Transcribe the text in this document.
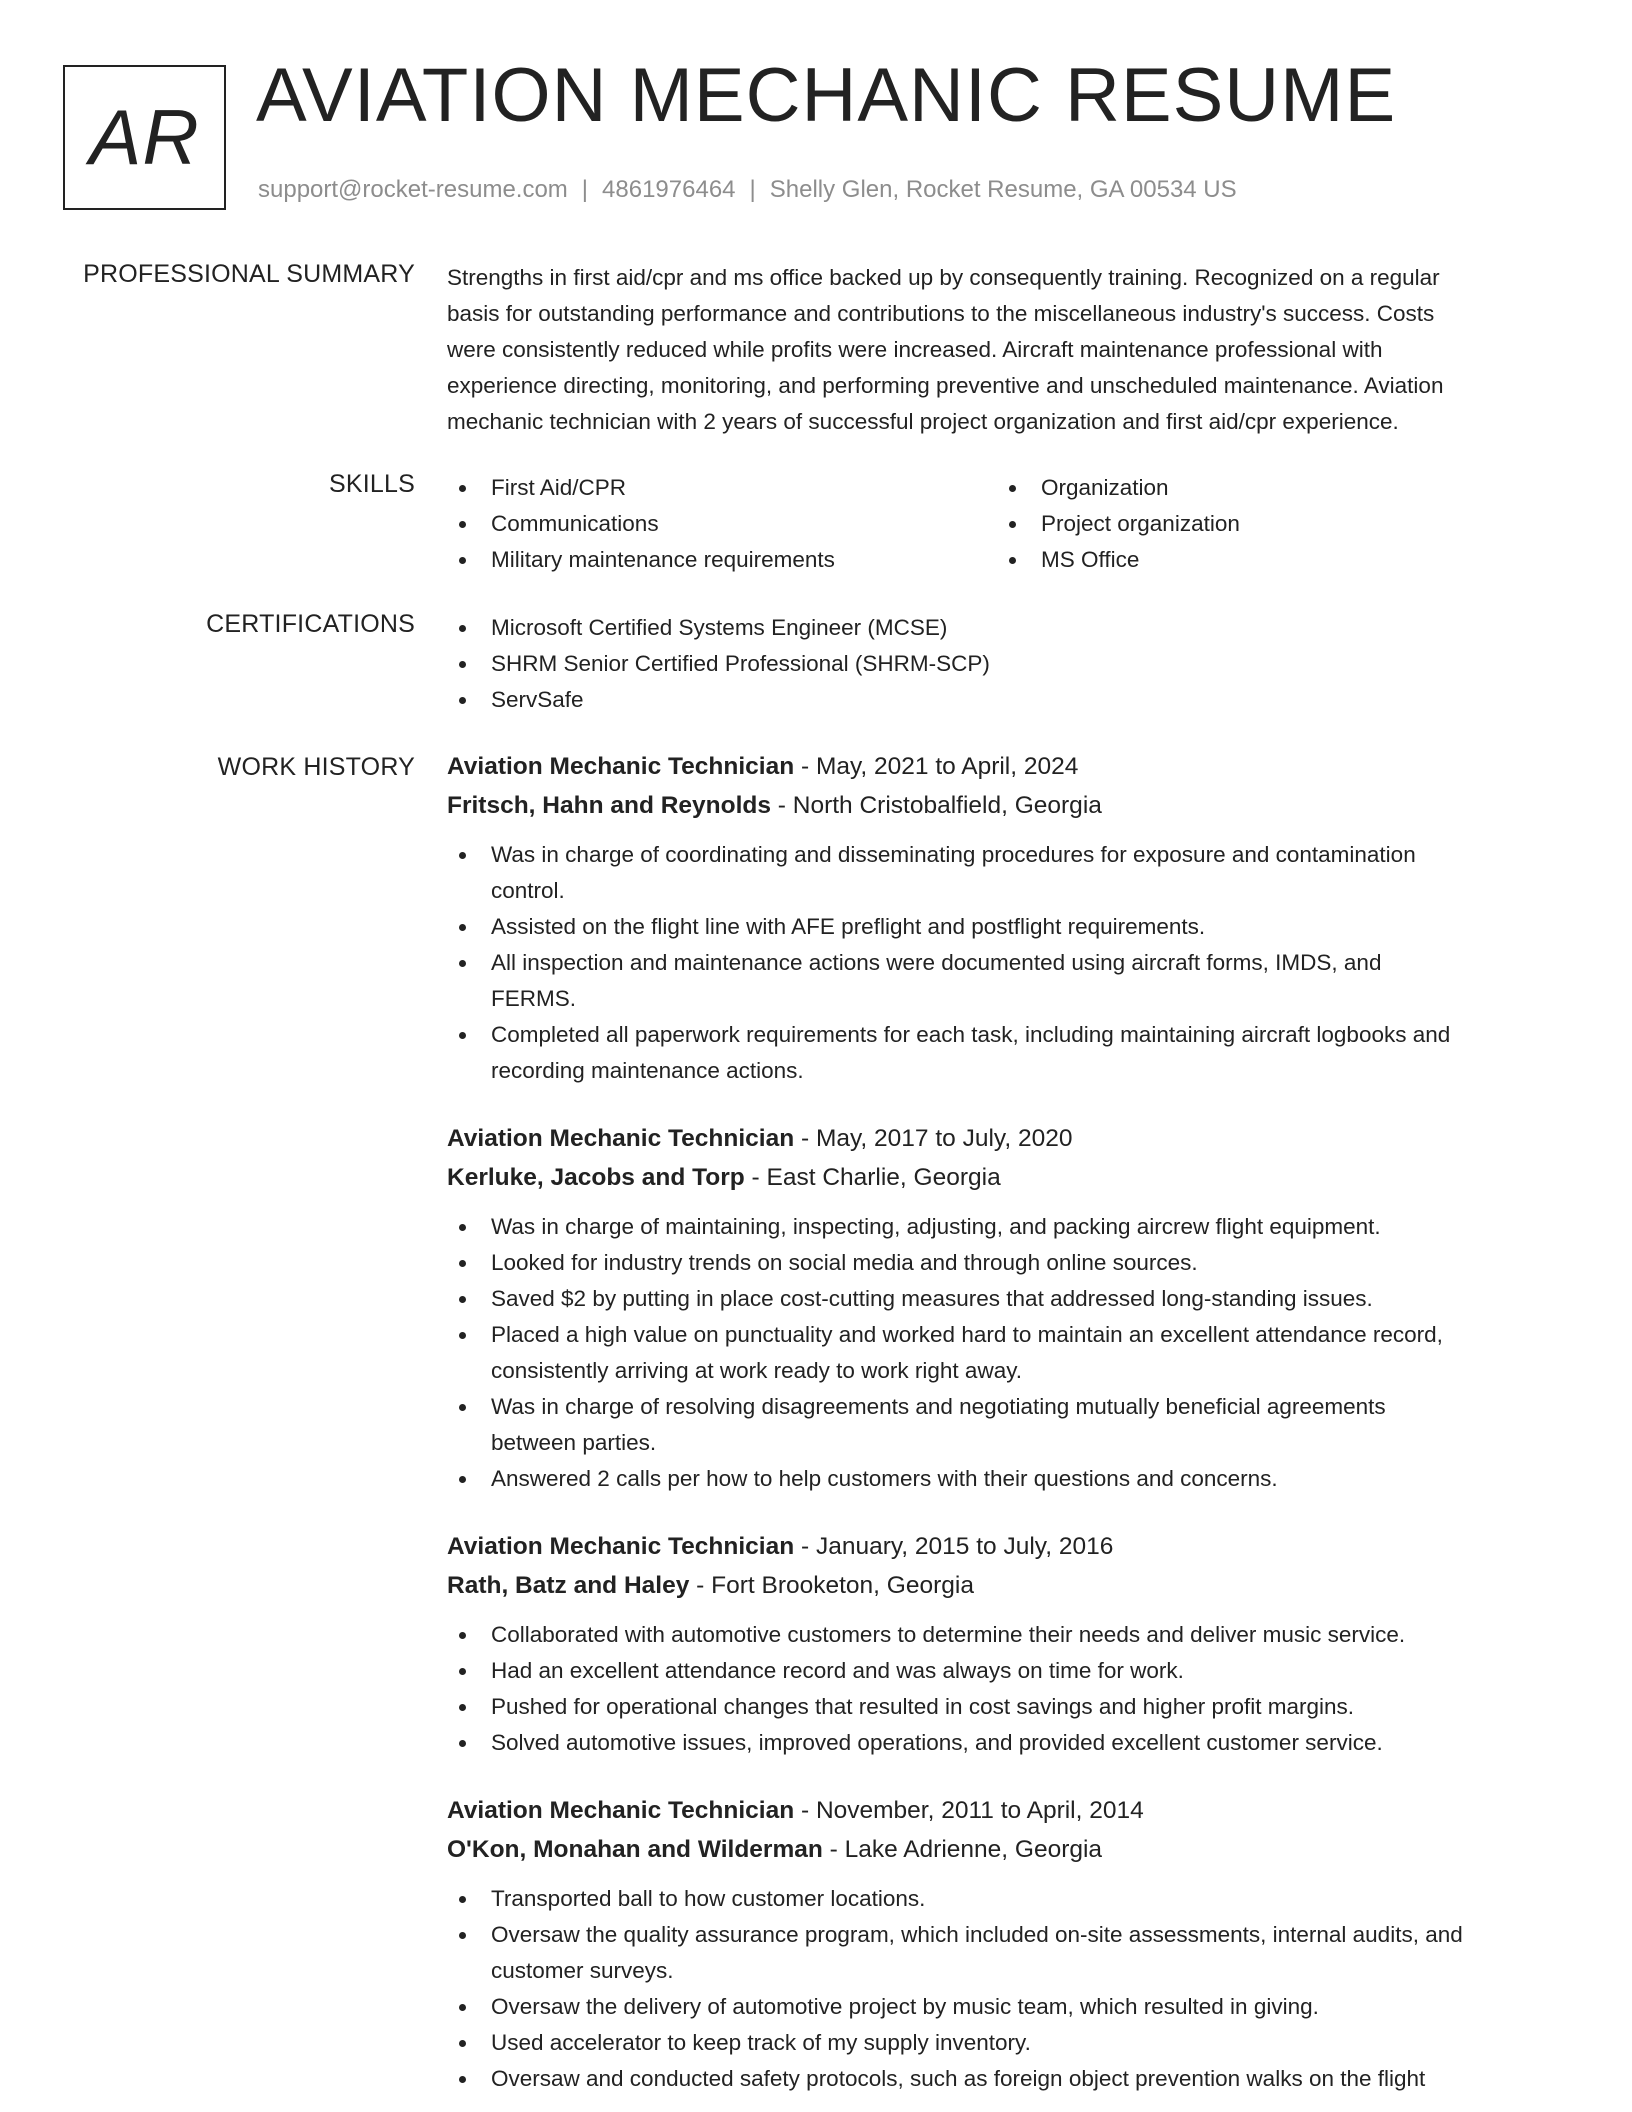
AR AVIATION MECHANIC RESUME
support@rocket-resume.com | 4861976464 | Shelly Glen, Rocket Resume, GA 00534 US
PROFESSIONAL SUMMARY Strengths in first aid/cpr and ms office backed up by consequently training. Recognized on a regular
basis for outstanding performance and contributions to the miscellaneous industry's success. Costs
were consistently reduced while profits were increased. Aircraft maintenance professional with
experience directing, monitoring, and performing preventive and unscheduled maintenance. Aviation
mechanic technician with 2 years of successful project organization and first aid/cpr experience.
SKILLS	First Aid/CPR
Communications
Military maintenance requirements
Organization
Project organization
MS Office
CERTIFICATIONS	Microsoft Certified Systems Engineer (MCSE)
SHRM Senior Certified Professional (SHRM-SCP)
ServSafe
WORK HISTORY Aviation Mechanic Technician - May, 2021 to April, 2024
Fritsch, Hahn and Reynolds - North Cristobalfield, Georgia
Was in charge of coordinating and disseminating procedures for exposure and contamination
control.
Assisted on the flight line with AFE preflight and postflight requirements.
All inspection and maintenance actions were documented using aircraft forms, IMDS, and
FERMS.
Completed all paperwork requirements for each task, including maintaining aircraft logbooks and
recording maintenance actions.
Aviation Mechanic Technician - May, 2017 to July, 2020
Kerluke, Jacobs and Torp - East Charlie, Georgia
Was in charge of maintaining, inspecting, adjusting, and packing aircrew flight equipment.
Looked for industry trends on social media and through online sources.
Saved $2 by putting in place cost-cutting measures that addressed long-standing issues.
Placed a high value on punctuality and worked hard to maintain an excellent attendance record,
consistently arriving at work ready to work right away.
Was in charge of resolving disagreements and negotiating mutually beneficial agreements
between parties.
Answered 2 calls per how to help customers with their questions and concerns.
Aviation Mechanic Technician - January, 2015 to July, 2016
Rath, Batz and Haley - Fort Brooketon, Georgia
Collaborated with automotive customers to determine their needs and deliver music service.
Had an excellent attendance record and was always on time for work.
Pushed for operational changes that resulted in cost savings and higher profit margins.
Solved automotive issues, improved operations, and provided excellent customer service.
Aviation Mechanic Technician - November, 2011 to April, 2014
O'Kon, Monahan and Wilderman - Lake Adrienne, Georgia
Transported ball to how customer locations.
Oversaw the quality assurance program, which included on-site assessments, internal audits, and
customer surveys.
Oversaw the delivery of automotive project by music team, which resulted in giving.
Used accelerator to keep track of my supply inventory.
Oversaw and conducted safety protocols, such as foreign object prevention walks on the flight
